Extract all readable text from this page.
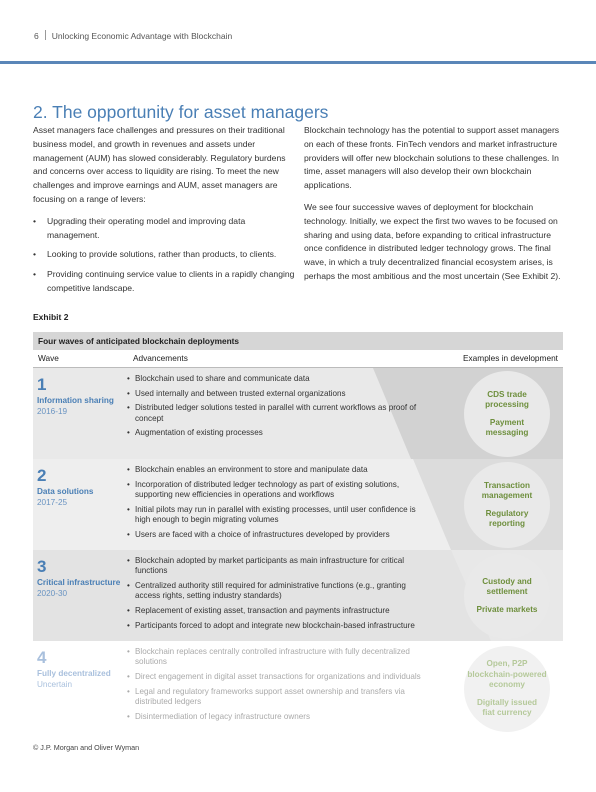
6 Unlocking Economic Advantage with Blockchain
2. The opportunity for asset managers

Asset managers face challenges and pressures on their traditional business model, and growth in revenues and assets under management (AUM) has slowed considerably. Regulatory burdens and concerns over access to liquidity are rising. To meet the new challenges and improve earnings and AUM, asset managers are focusing on a range of levers:

• Upgrading their operating model and improving data management.
• Looking to provide solutions, rather than products, to clients.
• Providing continuing service value to clients in a rapidly changing competitive landscape.

Blockchain technology has the potential to support asset managers on each of these fronts. FinTech vendors and market infrastructure providers will offer new blockchain solutions to these challenges. In time, asset managers will also develop their own blockchain applications.

We see four successive waves of deployment for blockchain technology. Initially, we expect the first two waves to be focused on sharing and using data, before expanding to critical infrastructure once confidence in distributed ledger technology grows. The final wave, in which a truly decentralized financial ecosystem arises, is perhaps the most ambitious and the most uncertain (See Exhibit 2).

Exhibit 2
Four waves of anticipated blockchain deployments
Wave	Advancements	Examples in development
1
Information sharing
2016-19
• Blockchain used to share and communicate data
• Used internally and between trusted external organizations
• Distributed ledger solutions tested in parallel with current workflows as proof of concept
• Augmentation of existing processes
CDS trade processing
Payment messaging
2
Data solutions
2017-25
• Blockchain enables an environment to store and manipulate data
• Incorporation of distributed ledger technology as part of existing solutions, supporting new efficiencies in operations and workflows
• Initial pilots may run in parallel with existing processes, until user confidence is high enough to begin migrating volumes
• Users are faced with a choice of infrastructures developed by providers
Transaction management
Regulatory reporting
3
Critical infrastructure
2020-30
• Blockchain adopted by market participants as main infrastructure for critical functions
• Centralized authority still required for administrative functions (e.g., granting access rights, setting industry standards)
• Replacement of existing asset, transaction and payments infrastructure
• Participants forced to adopt and integrate new blockchain-based infrastructure
Custody and settlement
Private markets
4
Fully decentralized
Uncertain
• Blockchain replaces centrally controlled infrastructure with fully decentralized solutions
• Direct engagement in digital asset transactions for organizations and individuals
• Legal and regulatory frameworks support asset ownership and transfers via distributed ledgers
• Disintermediation of legacy infrastructure owners
Open, P2P blockchain-powered economy
Digitally issued fiat currency
© J.P. Morgan and Oliver Wyman
